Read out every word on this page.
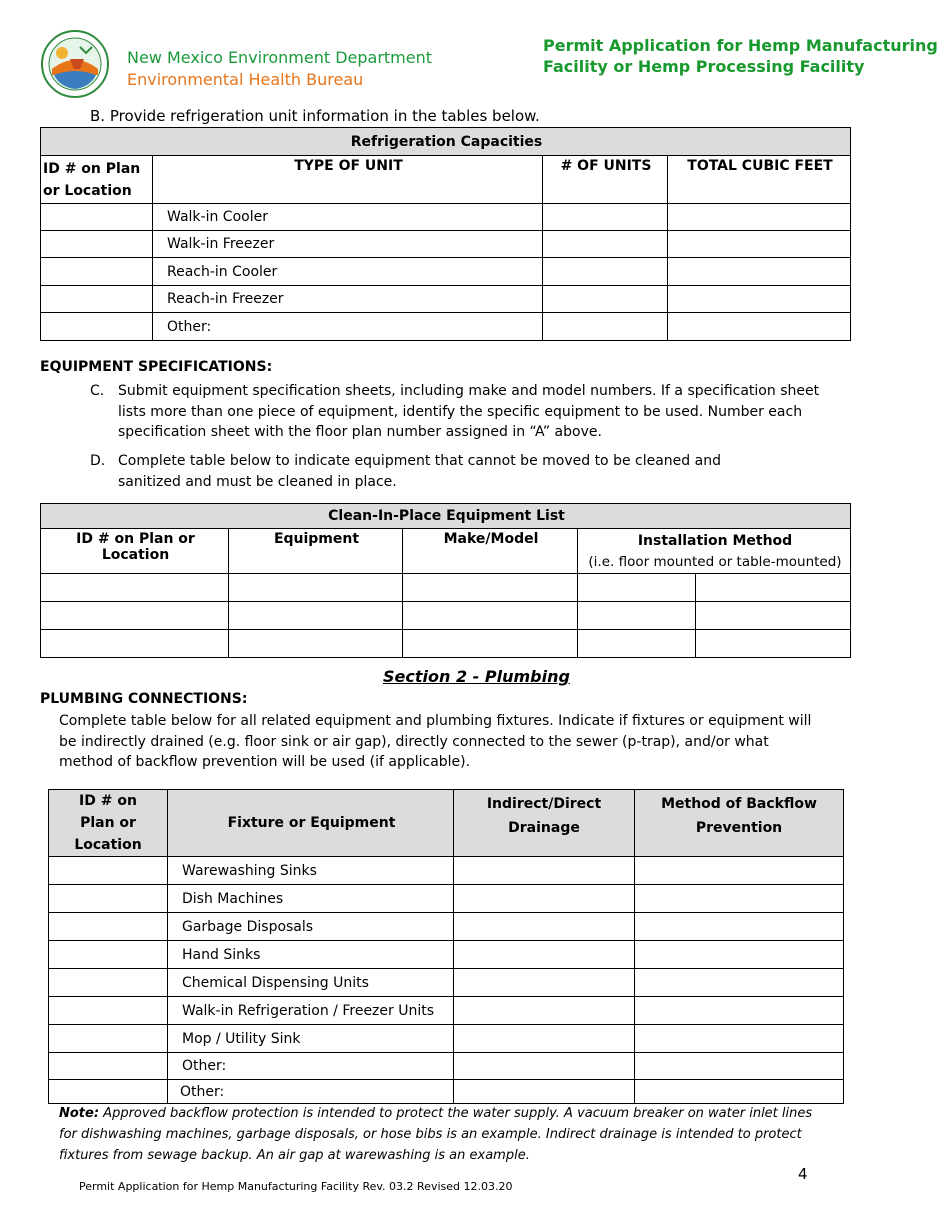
New Mexico Environment Department
Environmental Health Bureau
Permit Application for Hemp Manufacturing
Facility or Hemp Processing Facility
B. Provide refrigeration unit information in the tables below.
Refrigeration Capacities			
ID # on Plan or Location	TYPE OF UNIT	# OF UNITS	TOTAL CUBIC FEET
	Walk-in Cooler		
	Walk-in Freezer		
	Reach-in Cooler		
	Reach-in Freezer		
	Other:		
EQUIPMENT SPECIFICATIONS:
C. Submit equipment specification sheets, including make and model numbers. If a specification sheet lists more than one piece of equipment, identify the specific equipment to be used. Number each specification sheet with the floor plan number assigned in “A” above.
D. Complete table below to indicate equipment that cannot be moved to be cleaned and sanitized and must be cleaned in place.
Clean-In-Place Equipment List				
ID # on Plan or Location	Equipment	Make/Model	Installation Method
(i.e. floor mounted or table-mounted)	

Section 2 - Plumbing
PLUMBING CONNECTIONS:
Complete table below for all related equipment and plumbing fixtures. Indicate if fixtures or equipment will be indirectly drained (e.g. floor sink or air gap), directly connected to the sewer (p-trap), and/or what method of backflow prevention will be used (if applicable).
ID # on Plan or Location	Fixture or Equipment	Indirect/Direct Drainage	Method of Backflow Prevention
	Warewashing Sinks		
	Dish Machines		
	Garbage Disposals		
	Hand Sinks		
	Chemical Dispensing Units		
	Walk-in Refrigeration / Freezer Units		
	Mop / Utility Sink		
	Other:		
	Other:		
Note: Approved backflow protection is intended to protect the water supply. A vacuum breaker on water inlet lines for dishwashing machines, garbage disposals, or hose bibs is an example. Indirect drainage is intended to protect fixtures from sewage backup. An air gap at warewashing is an example.
4
Permit Application for Hemp Manufacturing Facility Rev. 03.2 Revised 12.03.20
